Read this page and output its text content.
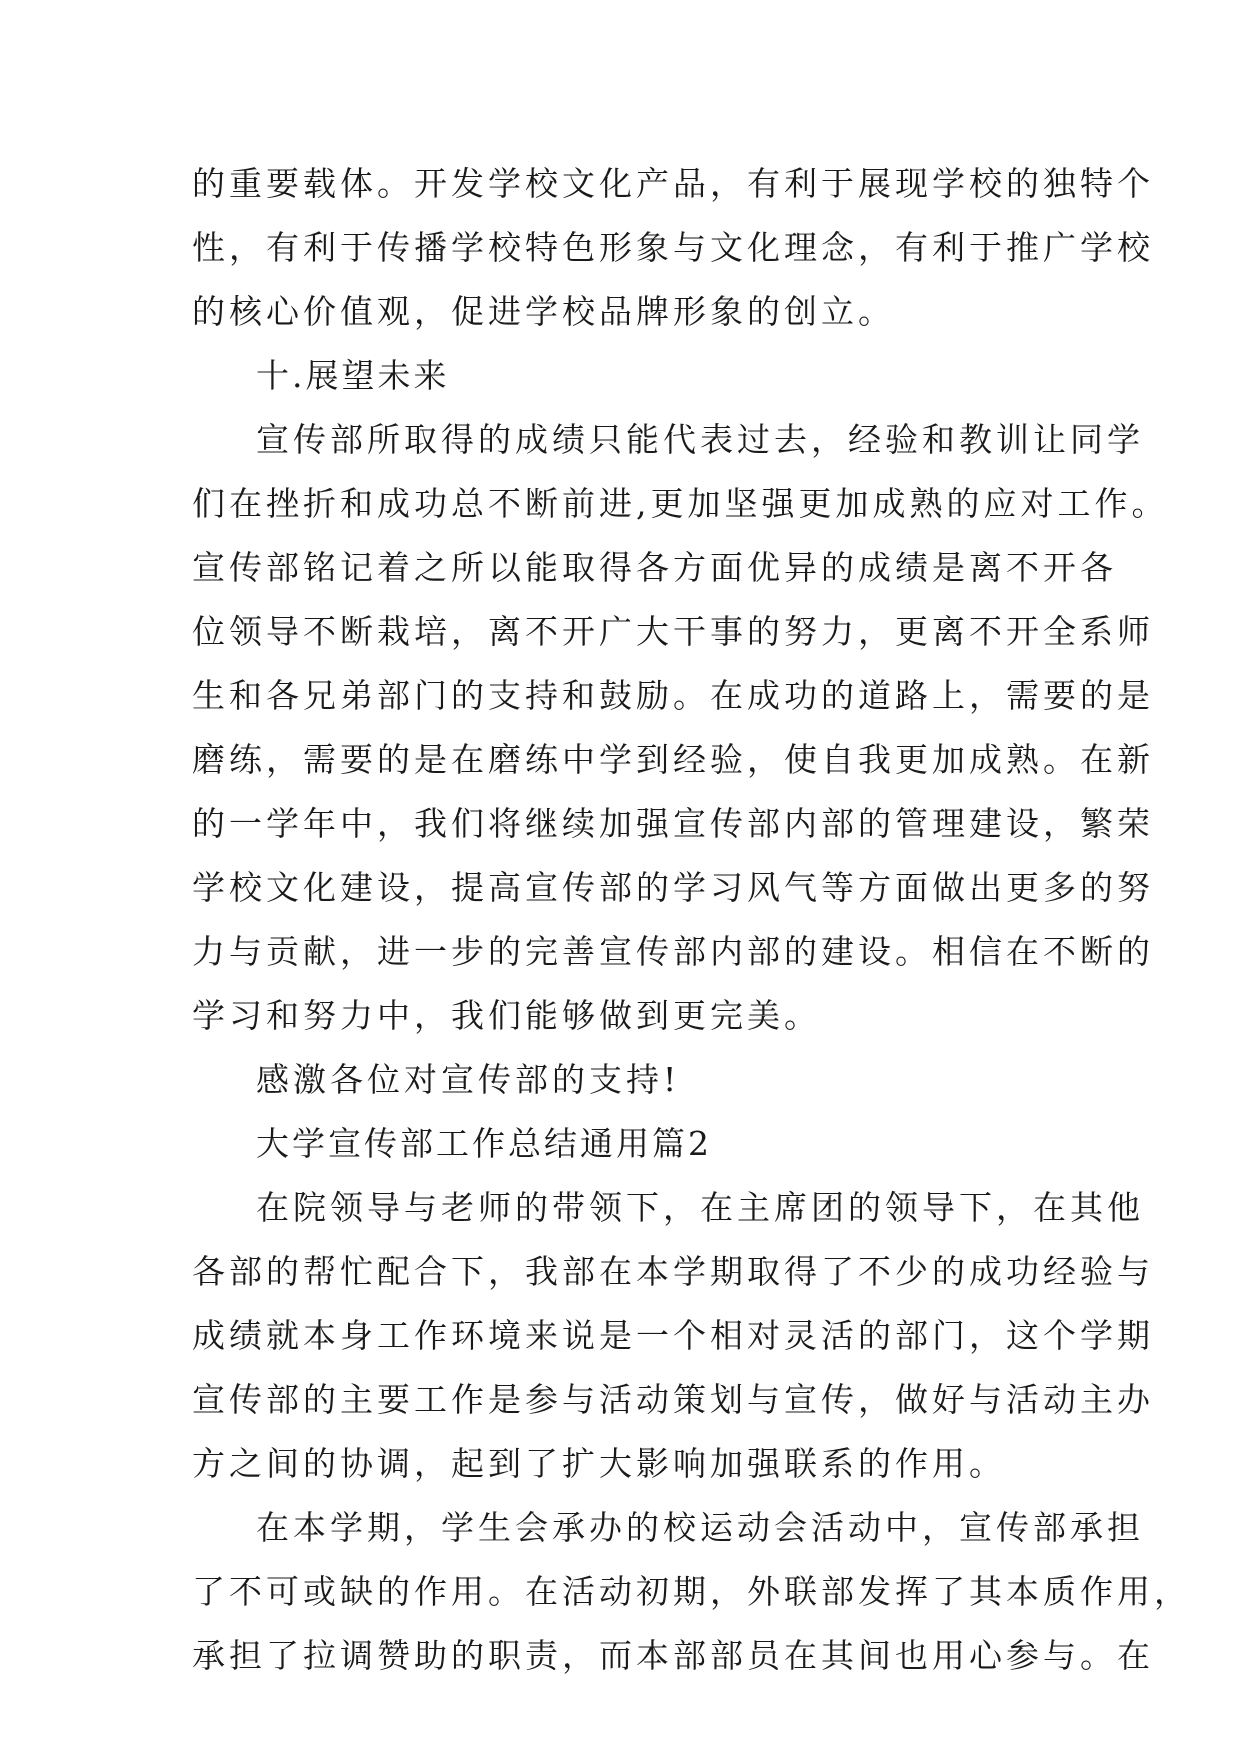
的重要载体。开发学校文化产品，有利于展现学校的独特个
性，有利于传播学校特色形象与文化理念，有利于推广学校
的核心价值观，促进学校品牌形象的创立。
十.展望未来
宣传部所取得的成绩只能代表过去，经验和教训让同学
们在挫折和成功总不断前进,更加坚强更加成熟的应对工作。
宣传部铭记着之所以能取得各方面优异的成绩是离不开各
位领导不断栽培，离不开广大干事的努力，更离不开全系师
生和各兄弟部门的支持和鼓励。在成功的道路上，需要的是
磨练，需要的是在磨练中学到经验，使自我更加成熟。在新
的一学年中，我们将继续加强宣传部内部的管理建设，繁荣
学校文化建设，提高宣传部的学习风气等方面做出更多的努
力与贡献，进一步的完善宣传部内部的建设。相信在不断的
学习和努力中，我们能够做到更完美。
感激各位对宣传部的支持!
大学宣传部工作总结通用篇2
在院领导与老师的带领下，在主席团的领导下，在其他
各部的帮忙配合下，我部在本学期取得了不少的成功经验与
成绩就本身工作环境来说是一个相对灵活的部门，这个学期
宣传部的主要工作是参与活动策划与宣传，做好与活动主办
方之间的协调，起到了扩大影响加强联系的作用。
在本学期，学生会承办的校运动会活动中，宣传部承担
了不可或缺的作用。在活动初期，外联部发挥了其本质作用，
承担了拉调赞助的职责，而本部部员在其间也用心参与。在
